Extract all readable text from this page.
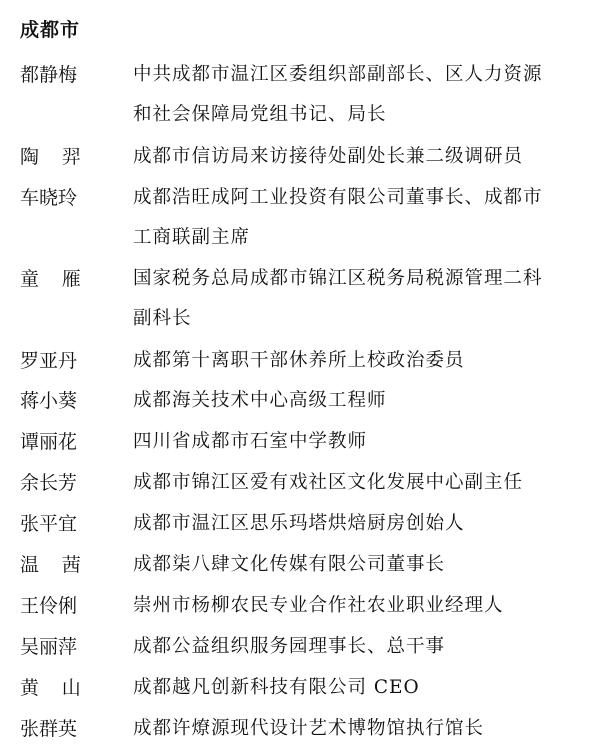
成都市
都静梅	中共成都市温江区委组织部副部长、区人力资源
和社会保障局党组书记、局长
陶羿	成都市信访局来访接待处副处长兼二级调研员
车晓玲	成都浩旺成阿工业投资有限公司董事长、成都市
工商联副主席
童雁	国家税务总局成都市锦江区税务局税源管理二科
副科长
罗亚丹	成都第十离职干部休养所上校政治委员
蒋小葵	成都海关技术中心高级工程师
谭丽花	四川省成都市石室中学教师
余长芳	成都市锦江区爱有戏社区文化发展中心副主任
张平宜	成都市温江区思乐玛塔烘焙厨房创始人
温茜	成都柒八肆文化传媒有限公司董事长
王伶俐	崇州市杨柳农民专业合作社农业职业经理人
吴丽萍	成都公益组织服务园理事长、总干事
黄山	成都越凡创新科技有限公司 CEO
张群英	成都许燎源现代设计艺术博物馆执行馆长
